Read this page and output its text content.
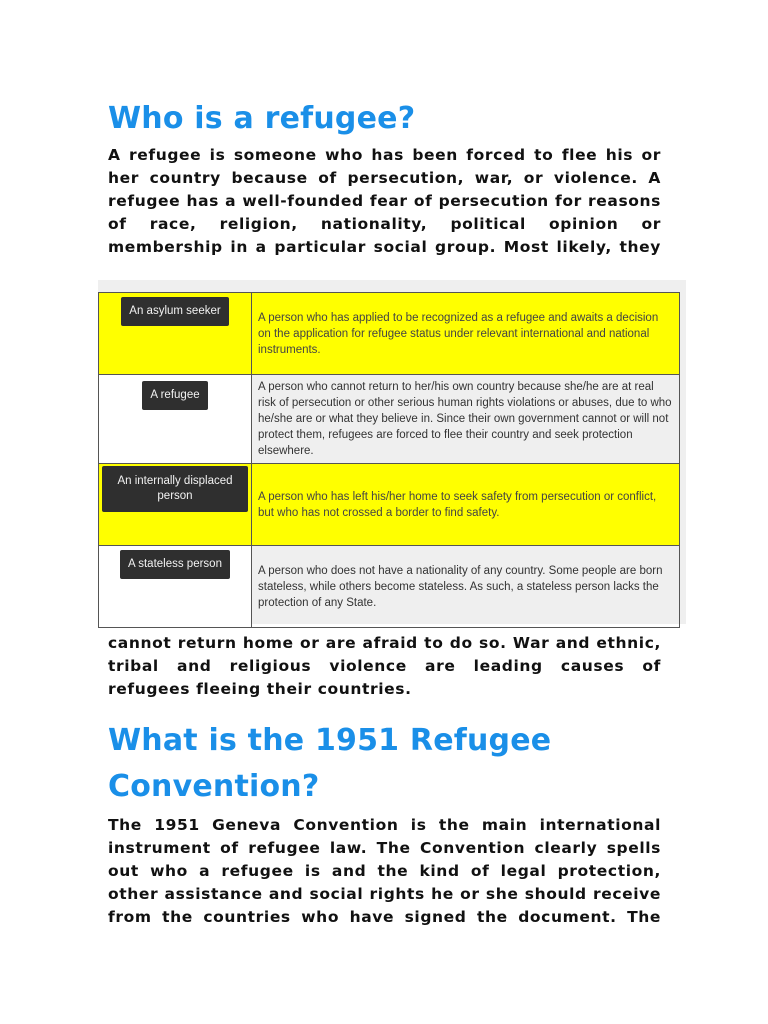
Who is a refugee?

A refugee is someone who has been forced to flee his or her country because of persecution, war, or violence. A refugee has a well-founded fear of persecution for reasons of race, religion, nationality, political opinion or membership in a particular social group. Most likely, they

An asylum seeker	A person who has applied to be recognized as a refugee and awaits a decision on the application for refugee status under relevant international and national instruments.
A refugee	A person who cannot return to her/his own country because she/he are at real risk of persecution or other serious human rights violations or abuses, due to who he/she are or what they believe in. Since their own government cannot or will not protect them, refugees are forced to flee their country and seek protection elsewhere.
An internally displaced person	A person who has left his/her home to seek safety from persecution or conflict, but who has not crossed a border to find safety.
A stateless person	A person who does not have a nationality of any country. Some people are born stateless, while others become stateless. As such, a stateless person lacks the protection of any State.

cannot return home or are afraid to do so. War and ethnic, tribal and religious violence are leading causes of refugees fleeing their countries.

What is the 1951 Refugee Convention?

The 1951 Geneva Convention is the main international instrument of refugee law. The Convention clearly spells out who a refugee is and the kind of legal protection, other assistance and social rights he or she should receive from the countries who have signed the document. The
